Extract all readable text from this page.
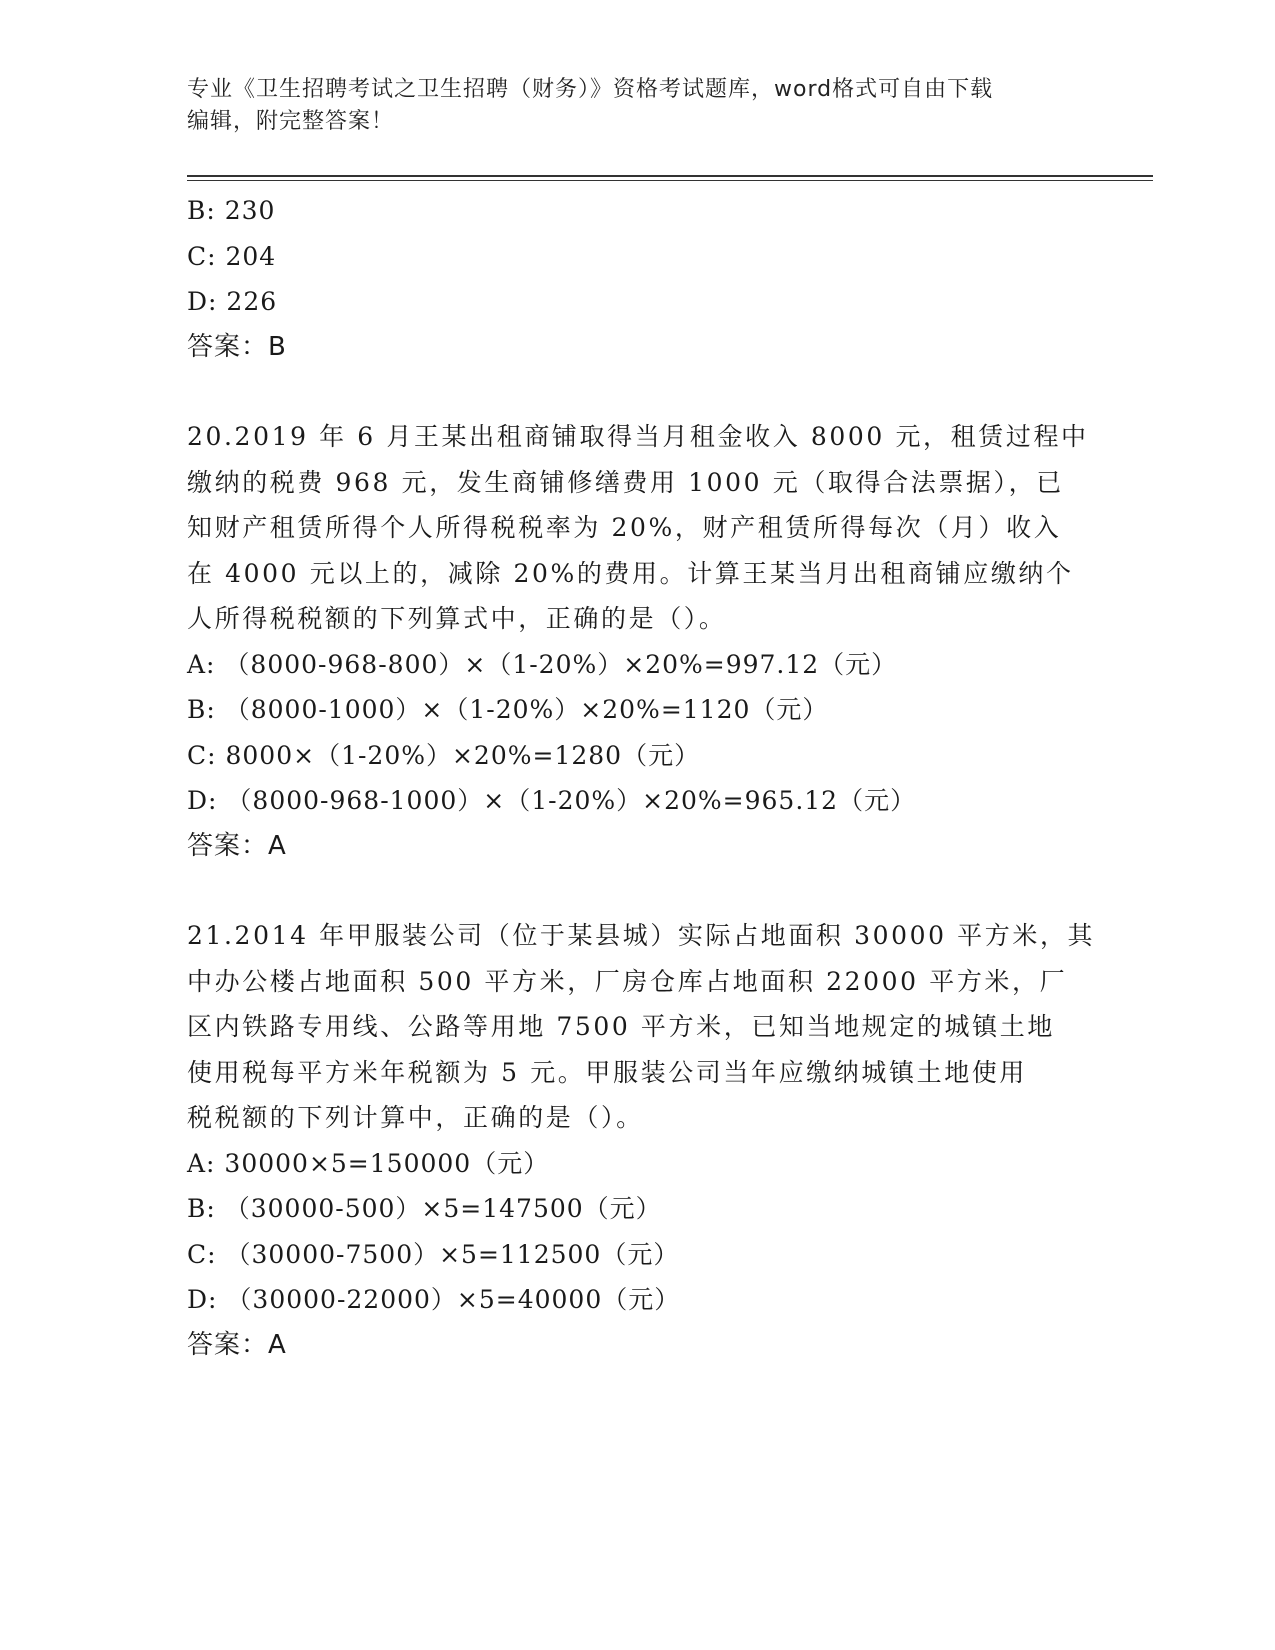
专业《卫生招聘考试之卫生招聘（财务）》资格考试题库，word格式可自由下载
编辑，附完整答案！
B: 230
C: 204
D: 226
答案：B
20.2019 年 6 月王某出租商铺取得当月租金收入 8000 元，租赁过程中
缴纳的税费 968 元，发生商铺修缮费用 1000 元（取得合法票据），已
知财产租赁所得个人所得税税率为 20%，财产租赁所得每次（月）收入
在 4000 元以上的，减除 20%的费用。计算王某当月出租商铺应缴纳个
人所得税税额的下列算式中，正确的是（）。
A: （8000-968-800）×（1-20%）×20%=997.12（元）
B: （8000-1000）×（1-20%）×20%=1120（元）
C: 8000×（1-20%）×20%=1280（元）
D: （8000-968-1000）×（1-20%）×20%=965.12（元）
答案：A
21.2014 年甲服装公司（位于某县城）实际占地面积 30000 平方米，其
中办公楼占地面积 500 平方米，厂房仓库占地面积 22000 平方米，厂
区内铁路专用线、公路等用地 7500 平方米，已知当地规定的城镇土地
使用税每平方米年税额为 5 元。甲服装公司当年应缴纳城镇土地使用
税税额的下列计算中，正确的是（）。
A: 30000×5=150000（元）
B: （30000-500）×5=147500（元）
C: （30000-7500）×5=112500（元）
D: （30000-22000）×5=40000（元）
答案：A
